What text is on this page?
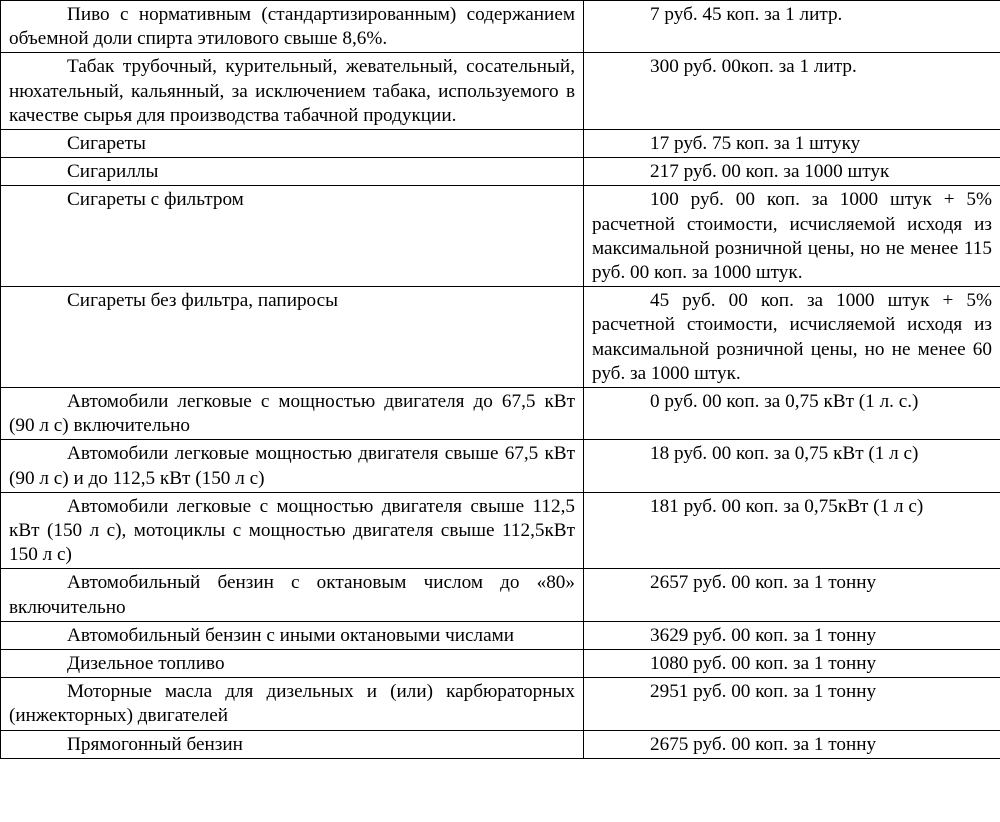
Пиво с нормативным (стандартизированным) содержанием объемной доли спирта этилового свыше 8,6%.	7 руб. 45 коп. за 1 литр.
Табак трубочный, курительный, жевательный, сосательный, нюхательный, кальянный, за исключением табака, используемого в качестве сырья для производства табачной продукции.	300 руб. 00коп. за 1 литр.
Сигареты	17 руб. 75 коп. за 1 штуку
Сигариллы	217 руб. 00 коп. за 1000 штук
Сигареты с фильтром	100 руб. 00 коп. за 1000 штук + 5% расчетной стоимости, исчисляемой исходя из максимальной розничной цены, но не менее 115 руб. 00 коп. за 1000 штук.
Сигареты без фильтра, папиросы	45 руб. 00 коп. за 1000 штук + 5% расчетной стоимости, исчисляемой исходя из максимальной розничной цены, но не менее 60 руб. за 1000 штук.
Автомобили легковые с мощностью двигателя до 67,5 кВт (90 л с) включительно	0 руб. 00 коп. за 0,75 кВт (1 л. с.)
Автомобили легковые мощностью двигателя свыше 67,5 кВт (90 л с) и до 112,5 кВт (150 л с)	18 руб. 00 коп. за 0,75 кВт (1 л с)
Автомобили легковые с мощностью двигателя свыше 112,5 кВт (150 л с), мотоциклы с мощностью двигателя свыше 112,5кВт 150 л с)	181 руб. 00 коп. за 0,75кВт (1 л с)
Автомобильный бензин с октановым числом до «80» включительно	2657 руб. 00 коп. за 1 тонну
Автомобильный бензин с иными октановыми числами	3629 руб. 00 коп. за 1 тонну
Дизельное топливо	1080 руб. 00 коп. за 1 тонну
Моторные масла для дизельных и (или) карбюраторных (инжекторных) двигателей	2951 руб. 00 коп. за 1 тонну
Прямогонный бензин	2675 руб. 00 коп. за 1 тонну
